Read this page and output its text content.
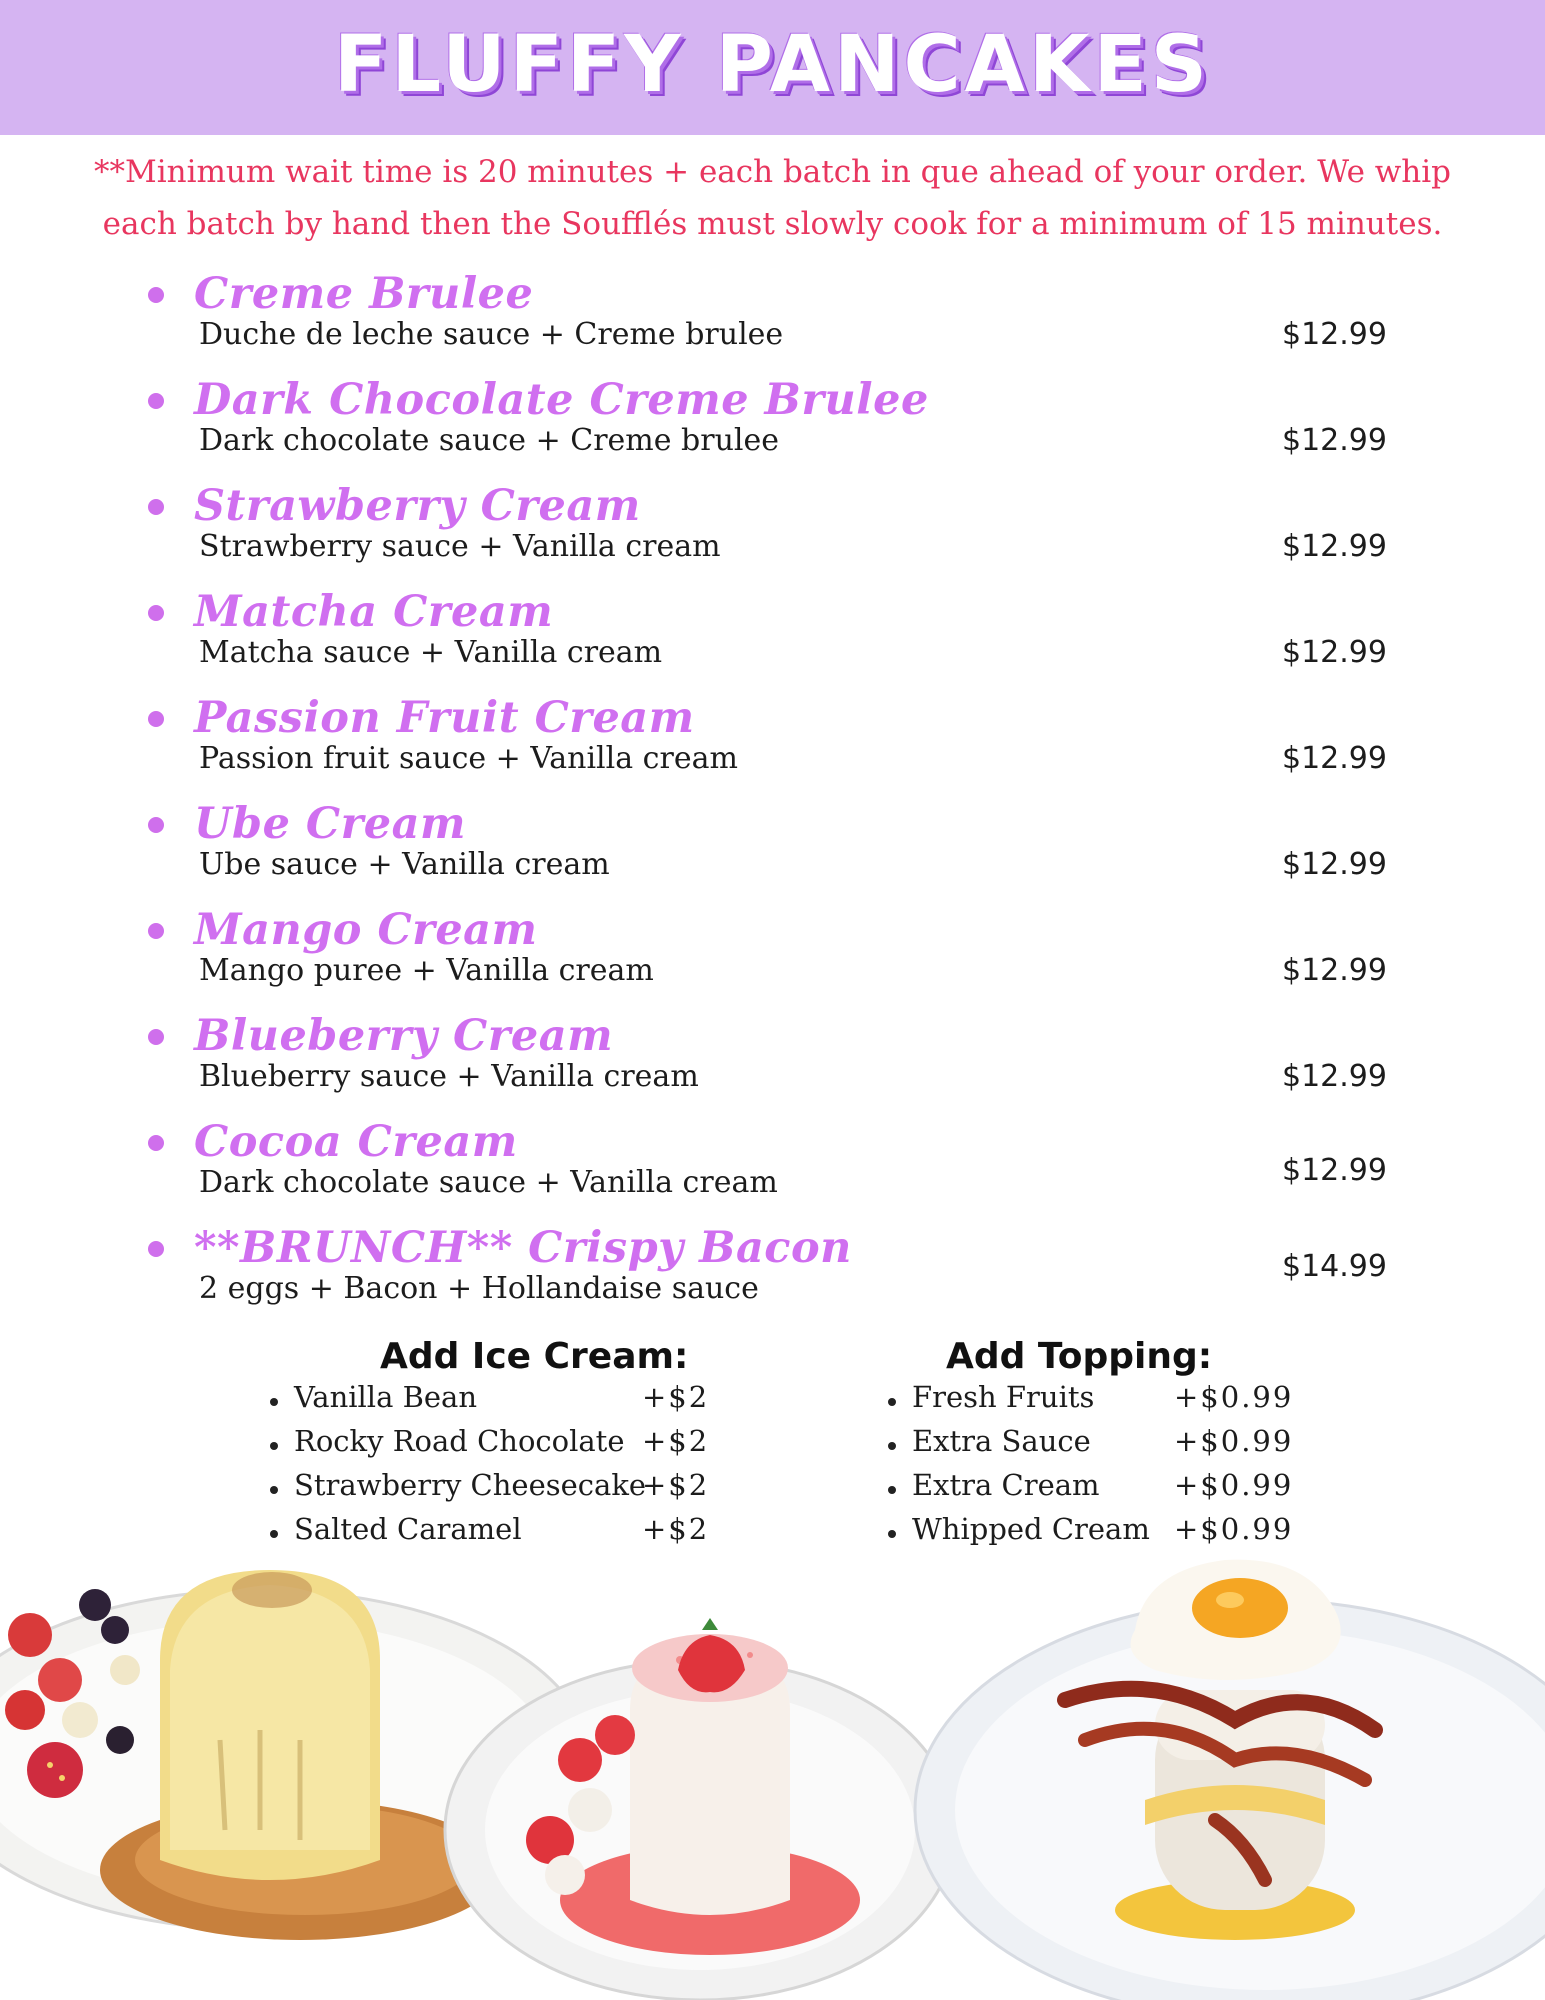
FLUFFY PANCAKES
**Minimum wait time is 20 minutes + each batch in que ahead of your order. We whip
each batch by hand then the Soufflés must slowly cook for a minimum of 15 minutes.
• Creme Brulee
Duche de leche sauce + Creme brulee	$12.99
• Dark Chocolate Creme Brulee
Dark chocolate sauce + Creme brulee	$12.99
• Strawberry Cream
Strawberry sauce + Vanilla cream	$12.99
• Matcha Cream
Matcha sauce + Vanilla cream	$12.99
• Passion Fruit Cream
Passion fruit sauce + Vanilla cream	$12.99
• Ube Cream
Ube sauce + Vanilla cream	$12.99
• Mango Cream
Mango puree + Vanilla cream	$12.99
• Blueberry Cream
Blueberry sauce + Vanilla cream	$12.99
• Cocoa Cream
Dark chocolate sauce + Vanilla cream	$12.99
• **BRUNCH** Crispy Bacon
2 eggs + Bacon + Hollandaise sauce
$14.99
Add Ice Cream:
Vanilla Bean	+$2
Rocky Road Chocolate +$2
Strawberry Cheesecake
+$2
Salted Caramel	+$2
Add Topping:
Fresh Fruits	+$0.99
Extra Sauce	+$0.99
Extra Cream	+$0.99
Whipped Cream +$0.99
